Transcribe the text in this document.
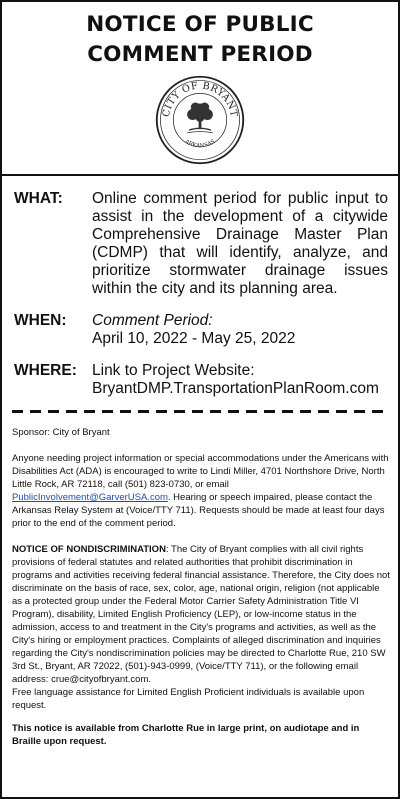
NOTICE OF PUBLIC
COMMENT PERIOD
CITY OF BRYANT
ARKANSAS
WHAT:	Online comment period for public input to assist in the development of a citywide Comprehensive Drainage Master Plan (CDMP) that will identify, analyze, and prioritize stormwater drainage issues within the city and its planning area.
WHEN:	Comment Period:
April 10, 2022 - May 25, 2022
WHERE: Link to Project Website:
BryantDMP.TransportationPlanRoom.com
Sponsor: City of Bryant
Anyone needing project information or special accommodations under the Americans with Disabilities Act (ADA) is encouraged to write to Lindi Miller, 4701 Northshore Drive, North Little Rock, AR 72118, call (501) 823-0730, or email PublicInvolvement@GarverUSA.com. Hearing or speech impaired, please contact the Arkansas Relay System at (Voice/TTY 711). Requests should be made at least four days prior to the end of the comment period.
NOTICE OF NONDISCRIMINATION: The City of Bryant complies with all civil rights provisions of federal statutes and related authorities that prohibit discrimination in programs and activities receiving federal financial assistance. Therefore, the City does not discriminate on the basis of race, sex, color, age, national origin, religion (not applicable as a protected group under the Federal Motor Carrier Safety Administration Title VI Program), disability, Limited English Proficiency (LEP), or low-income status in the admission, access to and treatment in the City's programs and activities, as well as the City's hiring or employment practices. Complaints of alleged discrimination and inquiries regarding the City's nondiscrimination policies may be directed to Charlotte Rue, 210 SW 3rd St., Bryant, AR 72022, (501)-943-0999, (Voice/TTY 711), or the following email address: crue@cityofbryant.com.
Free language assistance for Limited English Proficient individuals is available upon request.
This notice is available from Charlotte Rue in large print, on audiotape and in Braille upon request.
